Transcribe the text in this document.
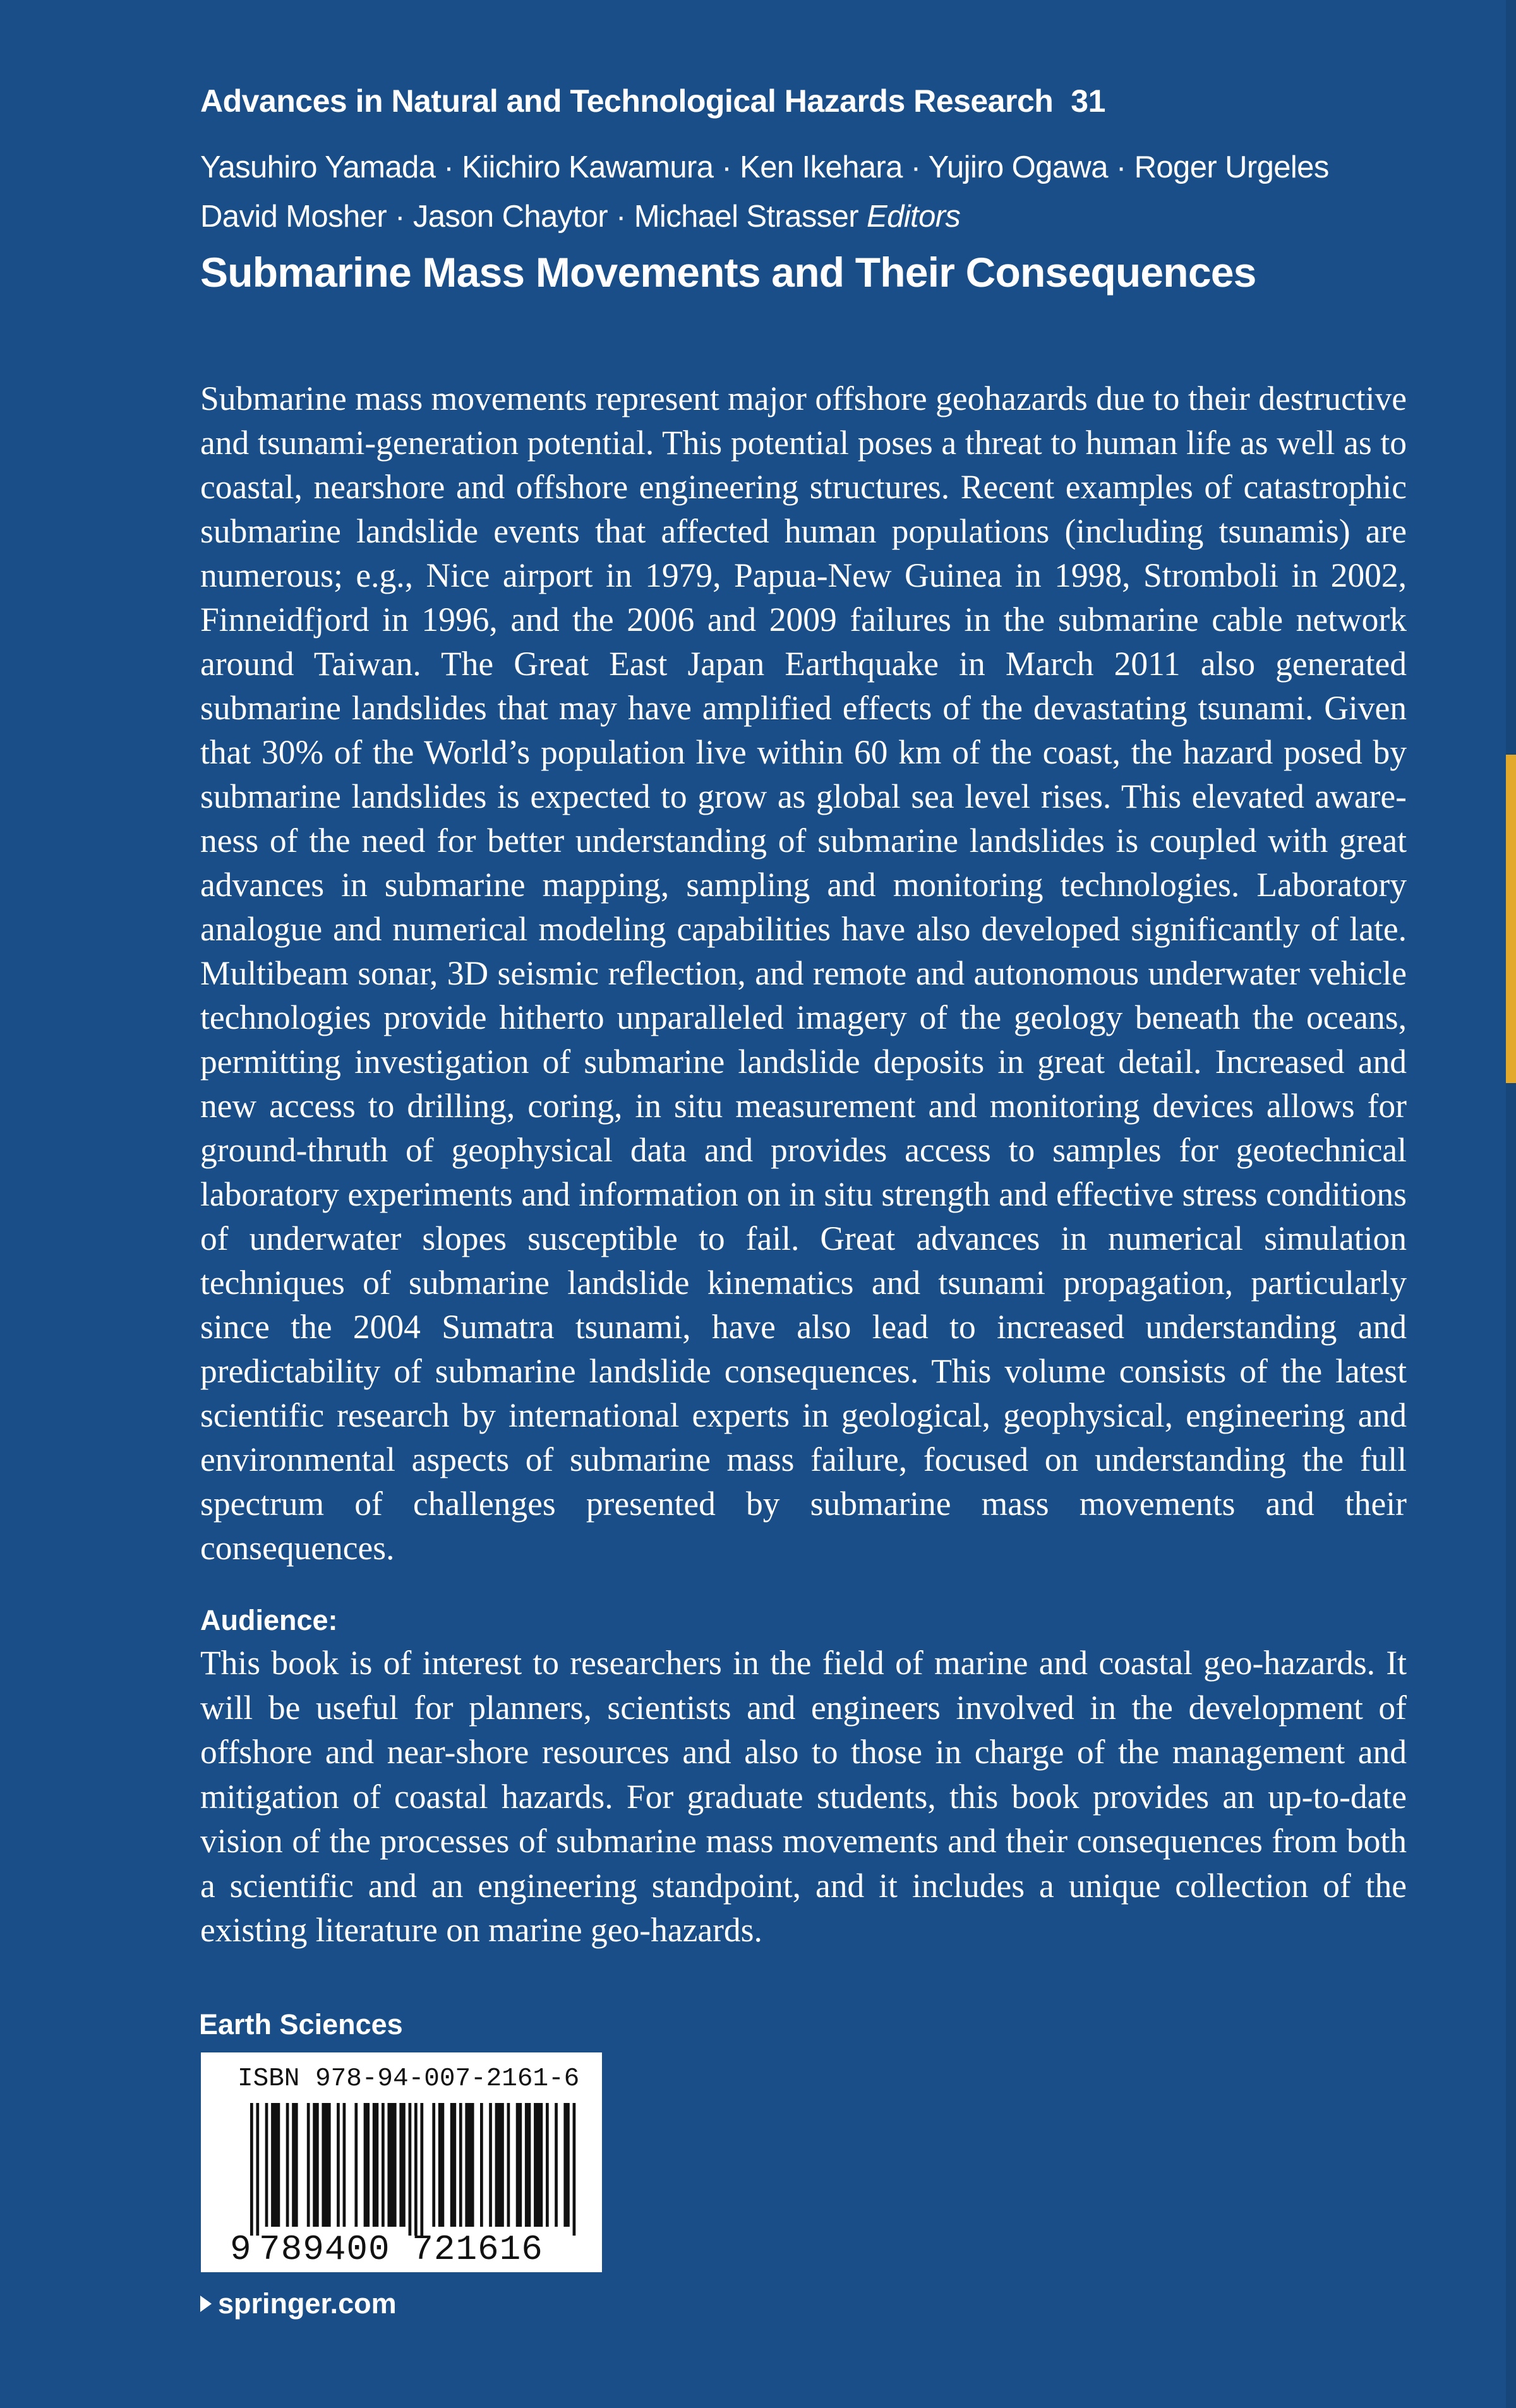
Advances in Natural and Technological Hazards Research 31
Yasuhiro Yamada · Kiichiro Kawamura · Ken Ikehara · Yujiro Ogawa · Roger Urgeles
David Mosher · Jason Chaytor · Michael Strasser Editors
Submarine Mass Movements and Their Consequences
Submarine mass movements represent major offshore geohazards due to their destructive and tsunami-generation potential. This potential poses a threat to human life as well as to coastal, nearshore and offshore engineering structures. Recent examples of catastrophic submarine landslide events that affected human populations (including tsunamis) are numerous; e.g., Nice airport in 1979, Papua-New Guinea in 1998, Stromboli in 2002, Finneidfjord in 1996, and the 2006 and 2009 failures in the submarine cable network around Taiwan. The Great East Japan Earthquake in March 2011 also generated submarine landslides that may have amplified effects of the devastating tsunami. Given that 30% of the World’s population live within 60 km of the coast, the hazard posed by submarine landslides is expected to grow as global sea level rises. This elevated awareness of the need for better understanding of submarine landslides is coupled with great advances in submarine mapping, sampling and monitoring technologies. Laboratory analogue and numerical modeling capabilities have also developed significantly of late. Multibeam sonar, 3D seismic reflection, and remote and autonomous underwater vehicle technologies provide hitherto unparalleled imagery of the geology beneath the oceans, permitting investigation of submarine landslide deposits in great detail. Increased and new access to drilling, coring, in situ measurement and monitoring devices allows for ground-thruth of geophysical data and provides access to samples for geotechnical laboratory experiments and information on in situ strength and effective stress conditions of underwater slopes susceptible to fail. Great advances in numerical simulation techniques of submarine landslide kinematics and tsunami propagation, particularly since the 2004 Sumatra tsunami, have also lead to increased understanding and predictability of submarine landslide consequences. This volume consists of the latest scientific research by international experts in geological, geophysical, engineering and environmental aspects of submarine mass failure, focused on understanding the full spectrum of challenges presented by submarine mass movements and their consequences.
Audience:
This book is of interest to researchers in the field of marine and coastal geo-hazards. It will be useful for planners, scientists and engineers involved in the development of offshore and near-shore resources and also to those in charge of the management and mitigation of coastal hazards. For graduate students, this book provides an up-to-date vision of the processes of submarine mass movements and their consequences from both a scientific and an engineering standpoint, and it includes a unique collection of the existing literature on marine geo-hazards.
Earth Sciences
ISBN 978-94-007-2161-6
9 789400 721616
springer.com
